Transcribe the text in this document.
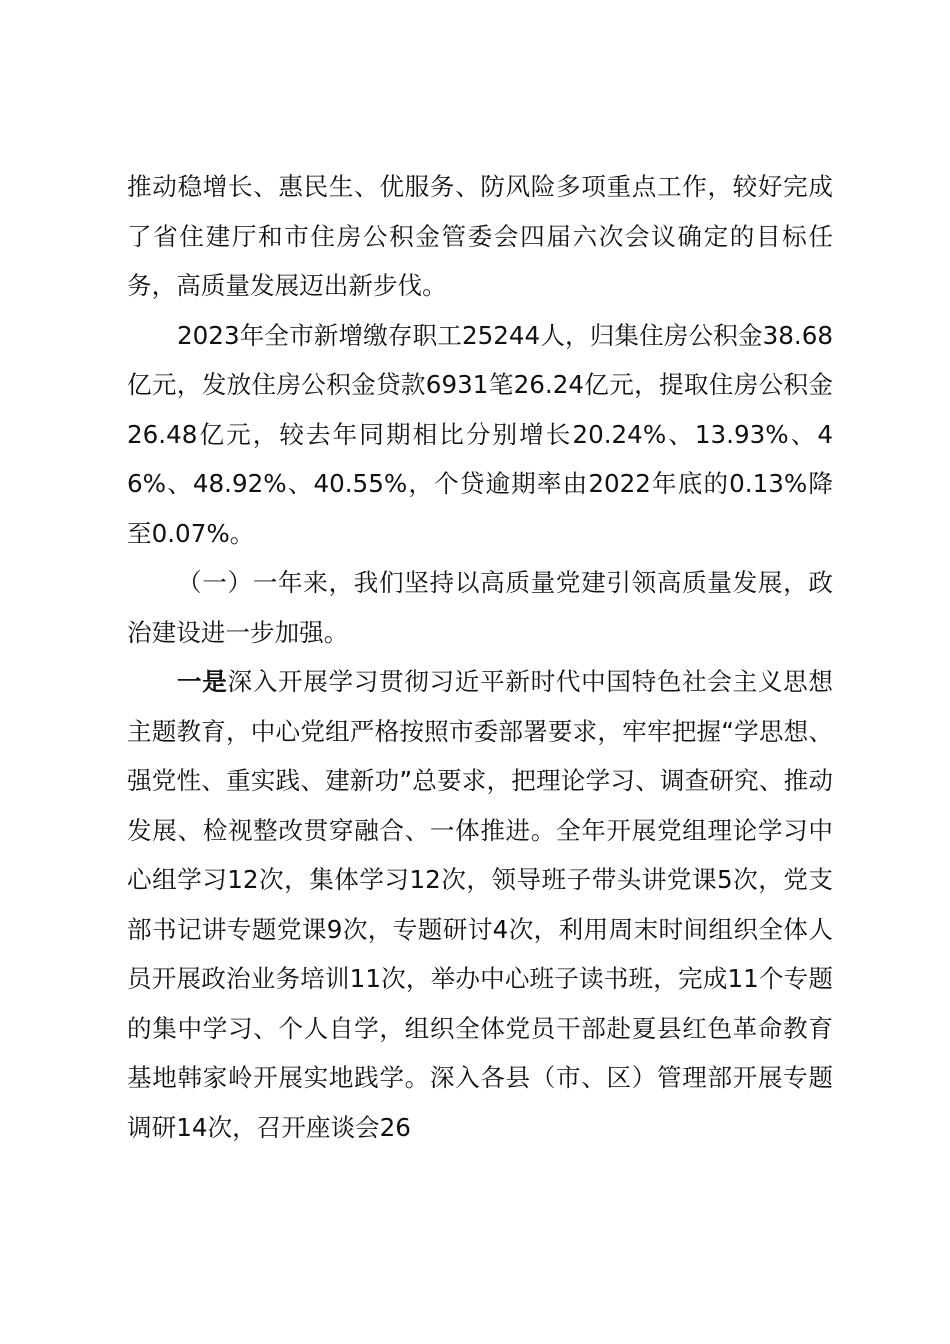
推动稳增长、惠民生、优服务、防风险多项重点工作，较好完成了省住建厅和市住房公积金管委会四届六次会议确定的目标任务，高质量发展迈出新步伐。

2023年全市新增缴存职工25244人，归集住房公积金38.68亿元，发放住房公积金贷款6931笔26.24亿元，提取住房公积金26.48亿元，较去年同期相比分别增长20.24%、13.93%、46%、48.92%、40.55%，个贷逾期率由2022年底的0.13%降至0.07%。

（一）一年来，我们坚持以高质量党建引领高质量发展，政治建设进一步加强。

一是深入开展学习贯彻习近平新时代中国特色社会主义思想主题教育，中心党组严格按照市委部署要求，牢牢把握“学思想、强党性、重实践、建新功”总要求，把理论学习、调查研究、推动发展、检视整改贯穿融合、一体推进。全年开展党组理论学习中心组学习12次，集体学习12次，领导班子带头讲党课5次，党支部书记讲专题党课9次，专题研讨4次，利用周末时间组织全体人员开展政治业务培训11次，举办中心班子读书班，完成11个专题的集中学习、个人自学，组织全体党员干部赴夏县红色革命教育基地韩家岭开展实地践学。深入各县（市、区）管理部开展专题调研14次，召开座谈会26
